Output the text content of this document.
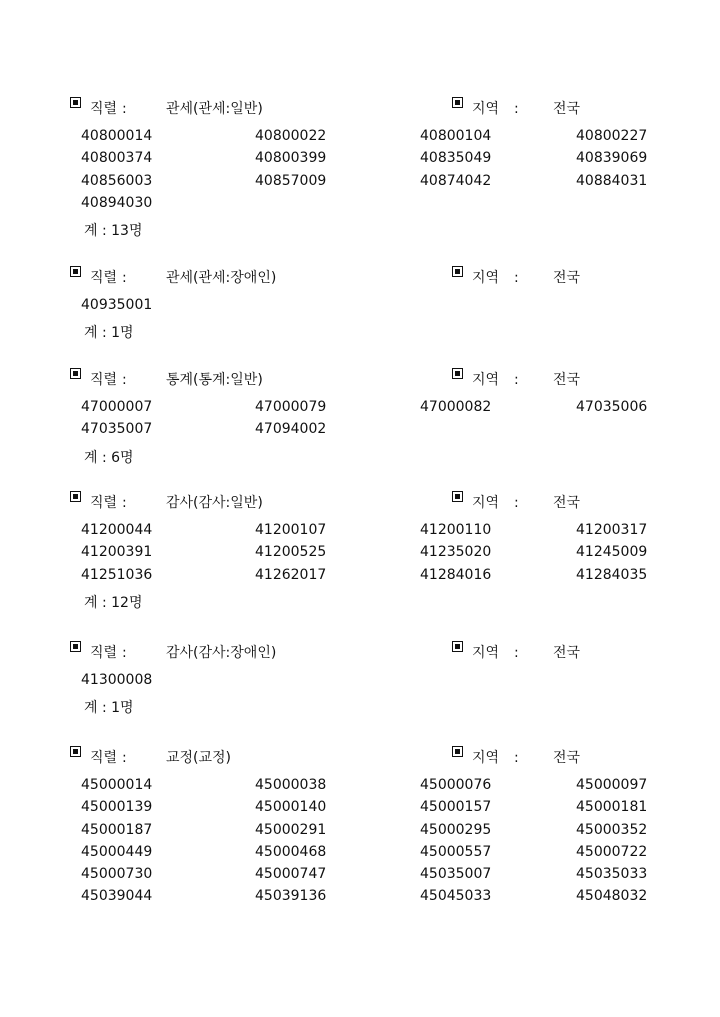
직렬 :	관세(관세:일반)	지역 : 전국
40800014	40800022	40800104	40800227
40800374	40800399	40835049	40839069
40856003	40857009	40874042	40884031
40894030
계 : 13명
직렬 :	관세(관세:장애인)	지역 : 전국
40935001
계 : 1명
직렬 :	통계(통계:일반)	지역 : 전국
47000007	47000079	47000082	47035006
47035007	47094002
계 : 6명
직렬 :	감사(감사:일반)	지역 : 전국
41200044	41200107	41200110	41200317
41200391	41200525	41235020	41245009
41251036	41262017	41284016	41284035
계 : 12명
직렬 :	감사(감사:장애인)	지역 : 전국
41300008
계 : 1명
직렬 :	교정(교정)	지역 : 전국
45000014	45000038	45000076	45000097
45000139	45000140	45000157	45000181
45000187	45000291	45000295	45000352
45000449	45000468	45000557	45000722
45000730	45000747	45035007	45035033
45039044	45039136	45045033	45048032
